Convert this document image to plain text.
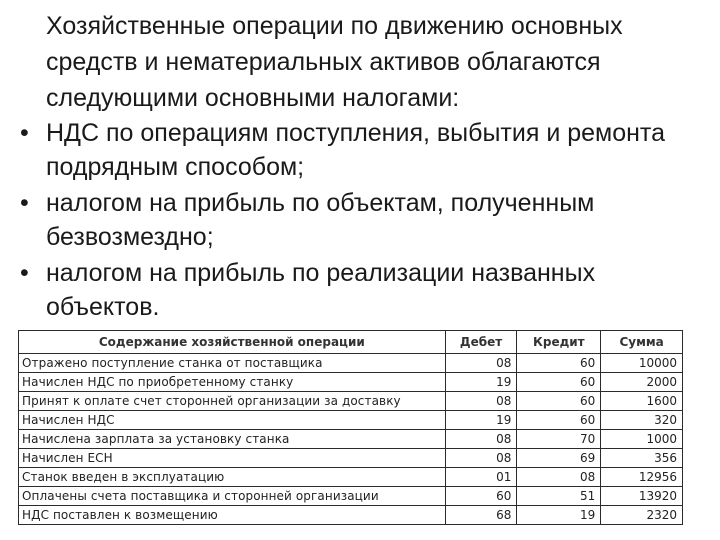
Хозяйственные операции по движению основных средств и нематериальных активов облагаются следующими основными налогами:

• НДС по операциям поступления, выбытия и ремонта подрядным способом;
• налогом на прибыль по объектам, полученным безвозмездно;
• налогом на прибыль по реализации названных объектов.
Содержание хозяйственной операции	Дебет	Кредит	Сумма
Отражено поступление станка от поставщика	08	60	10000
Начислен НДС по приобретенному станку	19	60	2000
Принят к оплате счет сторонней организации за доставку	08	60	1600
Начислен НДС	19	60	320
Начислена зарплата за установку станка	08	70	1000
Начислен ЕСН	08	69	356
Станок введен в эксплуатацию	01	08	12956
Оплачены счета поставщика и сторонней организации	60	51	13920
НДС поставлен к возмещению	68	19	2320
